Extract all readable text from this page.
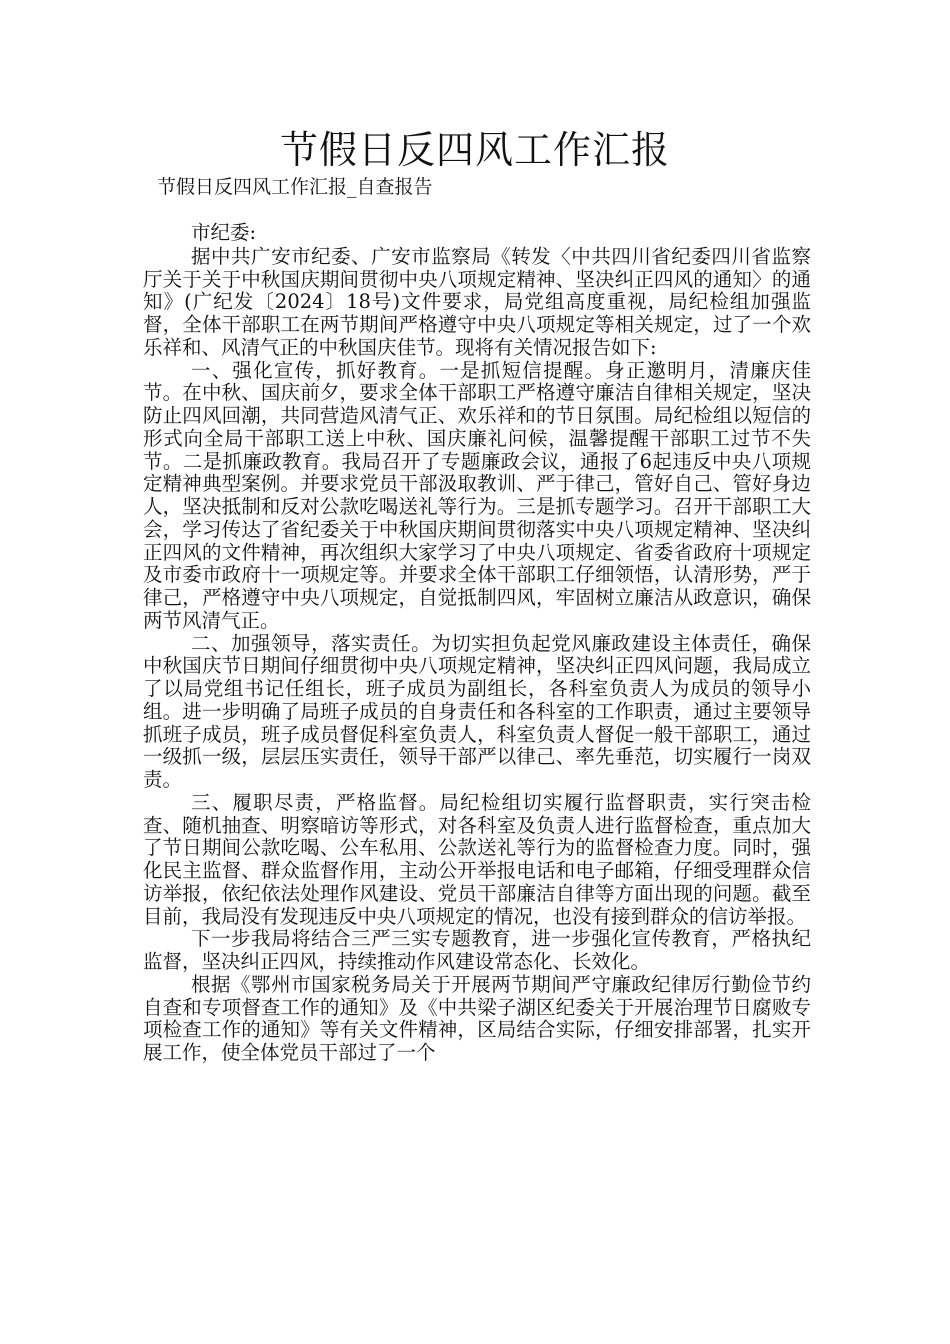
节假日反四风工作汇报
节假日反四风工作汇报_自查报告

市纪委:

据中共广安市纪委、广安市监察局《转发〈中共四川省纪委四川省监察厅关于关于中秋国庆期间贯彻中央八项规定精神、坚决纠正四风的通知〉的通知》(广纪发〔2024〕18号)文件要求，局党组高度重视，局纪检组加强监督，全体干部职工在两节期间严格遵守中央八项规定等相关规定，过了一个欢乐祥和、风清气正的中秋国庆佳节。现将有关情况报告如下:

一、强化宣传，抓好教育。一是抓短信提醒。身正邀明月，清廉庆佳节。在中秋、国庆前夕，要求全体干部职工严格遵守廉洁自律相关规定，坚决防止四风回潮，共同营造风清气正、欢乐祥和的节日氛围。局纪检组以短信的形式向全局干部职工送上中秋、国庆廉礼问候，温馨提醒干部职工过节不失节。二是抓廉政教育。我局召开了专题廉政会议，通报了6起违反中央八项规定精神典型案例。并要求党员干部汲取教训、严于律己，管好自己、管好身边人，坚决抵制和反对公款吃喝送礼等行为。三是抓专题学习。召开干部职工大会，学习传达了省纪委关于中秋国庆期间贯彻落实中央八项规定精神、坚决纠正四风的文件精神，再次组织大家学习了中央八项规定、省委省政府十项规定及市委市政府十一项规定等。并要求全体干部职工仔细领悟，认清形势，严于律己，严格遵守中央八项规定，自觉抵制四风，牢固树立廉洁从政意识，确保两节风清气正。

二、加强领导，落实责任。为切实担负起党风廉政建设主体责任，确保中秋国庆节日期间仔细贯彻中央八项规定精神，坚决纠正四风问题，我局成立了以局党组书记任组长，班子成员为副组长，各科室负责人为成员的领导小组。进一步明确了局班子成员的自身责任和各科室的工作职责，通过主要领导抓班子成员，班子成员督促科室负责人，科室负责人督促一般干部职工，通过一级抓一级，层层压实责任，领导干部严以律己、率先垂范，切实履行一岗双责。

三、履职尽责，严格监督。局纪检组切实履行监督职责，实行突击检查、随机抽查、明察暗访等形式，对各科室及负责人进行监督检查，重点加大了节日期间公款吃喝、公车私用、公款送礼等行为的监督检查力度。同时，强化民主监督、群众监督作用，主动公开举报电话和电子邮箱，仔细受理群众信访举报，依纪依法处理作风建设、党员干部廉洁自律等方面出现的问题。截至目前，我局没有发现违反中央八项规定的情况，也没有接到群众的信访举报。

下一步我局将结合三严三实专题教育，进一步强化宣传教育，严格执纪监督，坚决纠正四风，持续推动作风建设常态化、长效化。

根据《鄂州市国家税务局关于开展两节期间严守廉政纪律厉行勤俭节约自查和专项督查工作的通知》及《中共梁子湖区纪委关于开展治理节日腐败专项检查工作的通知》等有关文件精神，区局结合实际，仔细安排部署，扎实开展工作，使全体党员干部过了一个
